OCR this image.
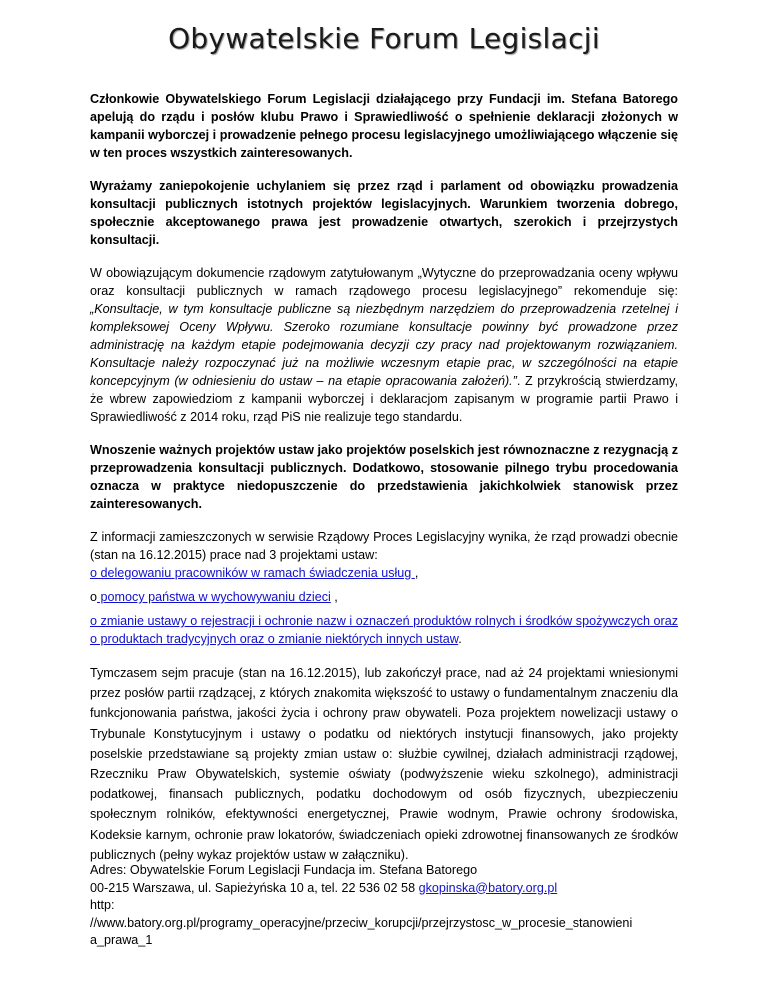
Obywatelskie Forum Legislacji

Członkowie Obywatelskiego Forum Legislacji działającego przy Fundacji im. Stefana Batorego apelują do rządu i posłów klubu Prawo i Sprawiedliwość o spełnienie deklaracji złożonych w kampanii wyborczej i prowadzenie pełnego procesu legislacyjnego umożliwiającego włączenie się w ten proces wszystkich zainteresowanych.

Wyrażamy zaniepokojenie uchylaniem się przez rząd i parlament od obowiązku prowadzenia konsultacji publicznych istotnych projektów legislacyjnych. Warunkiem tworzenia dobrego, społecznie akceptowanego prawa jest prowadzenie otwartych, szerokich i przejrzystych konsultacji.

W obowiązującym dokumencie rządowym zatytułowanym „Wytyczne do przeprowadzania oceny wpływu oraz konsultacji publicznych w ramach rządowego procesu legislacyjnego” rekomenduje się: „Konsultacje, w tym konsultacje publiczne są niezbędnym narzędziem do przeprowadzenia rzetelnej i kompleksowej Oceny Wpływu. Szeroko rozumiane konsultacje powinny być prowadzone przez administrację na każdym etapie podejmowania decyzji czy pracy nad projektowanym rozwiązaniem. Konsultacje należy rozpoczynać już na możliwie wczesnym etapie prac, w szczególności na etapie koncepcyjnym (w odniesieniu do ustaw – na etapie opracowania założeń).”. Z przykrością stwierdzamy, że wbrew zapowiedziom z kampanii wyborczej i deklaracjom zapisanym w programie partii Prawo i Sprawiedliwość z 2014 roku, rząd PiS nie realizuje tego standardu.

Wnoszenie ważnych projektów ustaw jako projektów poselskich jest równoznaczne z rezygnacją z przeprowadzenia konsultacji publicznych. Dodatkowo, stosowanie pilnego trybu procedowania oznacza w praktyce niedopuszczenie do przedstawienia jakichkolwiek stanowisk przez zainteresowanych.

Z informacji zamieszczonych w serwisie Rządowy Proces Legislacyjny wynika, że rząd prowadzi obecnie (stan na 16.12.2015) prace nad 3 projektami ustaw:

o delegowaniu pracowników w ramach świadczenia usług ,

o pomocy państwa w wychowywaniu dzieci ,

o zmianie ustawy o rejestracji i ochronie nazw i oznaczeń produktów rolnych i środków spożywczych oraz o produktach tradycyjnych oraz o zmianie niektórych innych ustaw.

Tymczasem sejm pracuje (stan na 16.12.2015), lub zakończył prace, nad aż 24 projektami wniesionymi przez posłów partii rządzącej, z których znakomita większość to ustawy o fundamentalnym znaczeniu dla funkcjonowania państwa, jakości życia i ochrony praw obywateli. Poza projektem nowelizacji ustawy o Trybunale Konstytucyjnym i ustawy o podatku od niektórych instytucji finansowych, jako projekty poselskie przedstawiane są projekty zmian ustaw o: służbie cywilnej, działach administracji rządowej, Rzeczniku Praw Obywatelskich, systemie oświaty (podwyższenie wieku szkolnego), administracji podatkowej, finansach publicznych, podatku dochodowym od osób fizycznych, ubezpieczeniu społecznym rolników, efektywności energetycznej, Prawie wodnym, Prawie ochrony środowiska, Kodeksie karnym, ochronie praw lokatorów, świadczeniach opieki zdrowotnej finansowanych ze środków publicznych (pełny wykaz projektów ustaw w załączniku).

Adres: Obywatelskie Forum Legislacji Fundacja im. Stefana Batorego
00-215 Warszawa, ul. Sapieżyńska 10 a, tel. 22 536 02 58 gkopinska@batory.org.pl
http:
//www.batory.org.pl/programy_operacyjne/przeciw_korupcji/przejrzystosc_w_procesie_stanowieni
a_prawa_1
